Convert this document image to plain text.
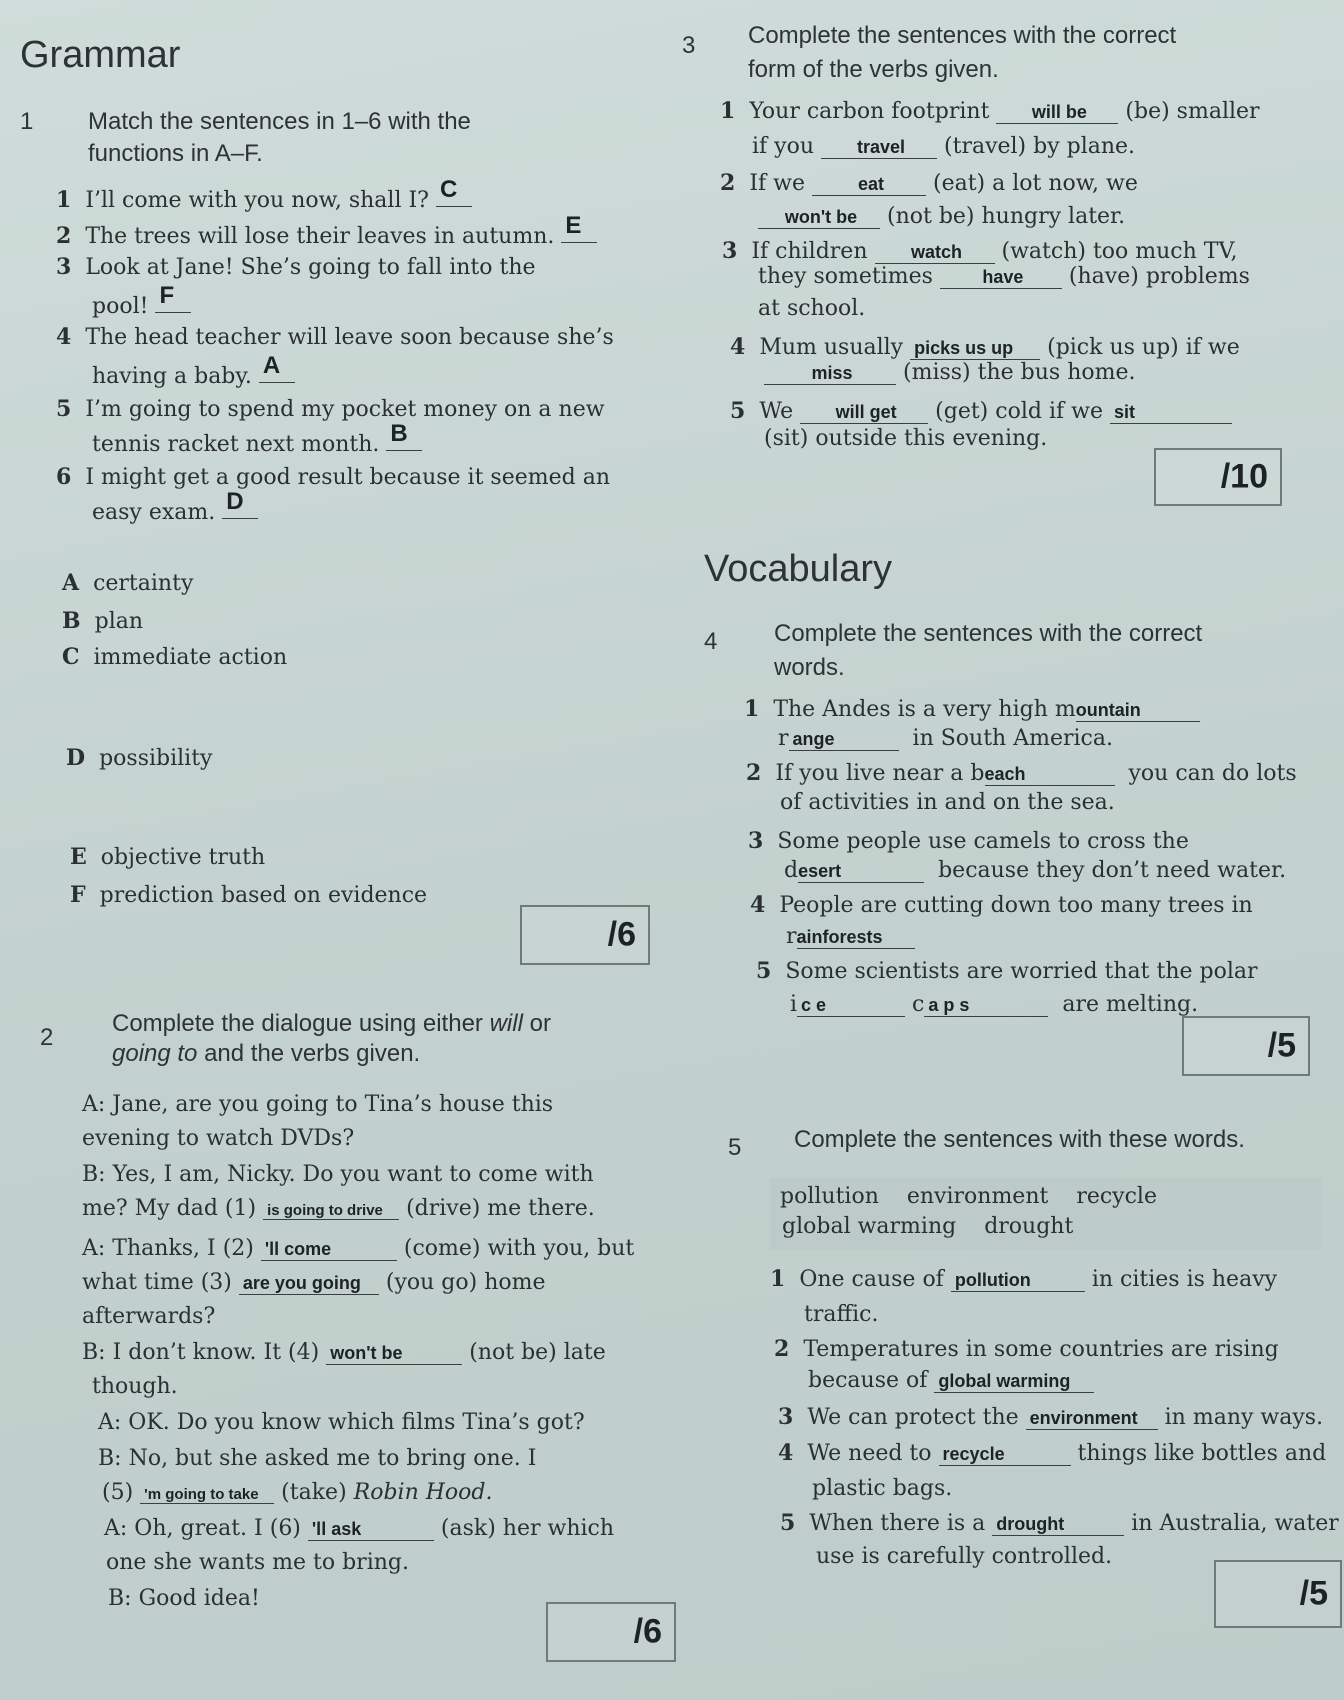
Grammar
1 Match the sentences in 1–6 with the
functions in A–F.
1 I’ll come with you now, shall I? C
2 The trees will lose their leaves in autumn. E
3 Look at Jane! She’s going to fall into the
pool! F
4 The head teacher will leave soon because she’s
having a baby. A
5 I’m going to spend my pocket money on a new
tennis racket next month. B
6 I might get a good result because it seemed an
easy exam. D
A certainty
B plan
C immediate action
D possibility
E objective truth
F prediction based on evidence
/6
2
Complete the dialogue using either will or
going to and the verbs given.
A: Jane, are you going to Tina’s house this
evening to watch DVDs?
B: Yes, I am, Nicky. Do you want to come with
me? My dad (1) is going to drive (drive) me there.
A: Thanks, I (2) 'll come	(come) with you, but
what time (3) are you going (you go) home
afterwards?
B: I don’t know. It (4) won't be	(not be) late
though.
A: OK. Do you know which films Tina’s got?
B: No, but she asked me to bring one. I
(5) 'm going to take (take) Robin Hood.
A: Oh, great. I (6) 'll ask	(ask) her which
one she wants me to bring.
B: Good idea!
/6
3 Complete the sentences with the correct
form of the verbs given.
1 Your carbon footprint will be (be) smaller
if you travel (travel) by plane.
2 If we	eat (eat) a lot now, we
won't be (not be) hungry later.
3 If children watch (watch) too much TV,
they sometimes	have (have) problems
at school.
4 Mum usually picks us up (pick us up) if we
miss (miss) the bus home.
5 We will get (get) cold if we sit
(sit) outside this evening.
/10
Vocabulary
4 Complete the sentences with the correct
words.
1 The Andes is a very high mountain
r ange	in South America.
2 If you live near a beach	you can do lots
of activities in and on the sea.
3 Some people use camels to cross the
desert	because they don’t need water.
4 People are cutting down too many trees in
rainforests
5 Some scientists are worried that the polar
i c e	c a p s	are melting.
/5
5 Complete the sentences with these words.
pollution environment recycle
global warming drought
1 One cause of pollution	in cities is heavy
traffic.
2 Temperatures in some countries are rising
because of global warming
3 We can protect the environment in many ways.
4 We need to recycle	things like bottles and
plastic bags.
5 When there is a drought	in Australia, water
use is carefully controlled.
/5
